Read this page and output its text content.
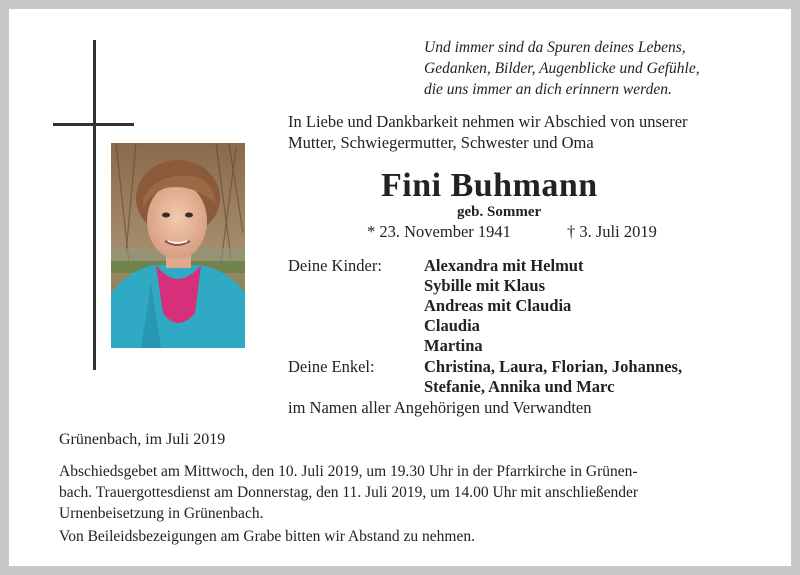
Und immer sind da Spuren deines Lebens,
Gedanken, Bilder, Augenblicke und Gefühle,
die uns immer an dich erinnern werden.
In Liebe und Dankbarkeit nehmen wir Abschied von unserer
Mutter, Schwiegermutter, Schwester und Oma
Fini Buhmann
geb. Sommer
* 23. November 1941	† 3. Juli 2019
Deine Kinder:	Alexandra mit Helmut
Sybille mit Klaus
Andreas mit Claudia
Claudia
Martina
Deine Enkel:	Christina, Laura, Florian, Johannes,
Stefanie, Annika und Marc
im Namen aller Angehörigen und Verwandten
Grünenbach, im Juli 2019
Abschiedsgebet am Mittwoch, den 10. Juli 2019, um 19.30 Uhr in der Pfarrkirche in Grünen-
bach. Trauergottesdienst am Donnerstag, den 11. Juli 2019, um 14.00 Uhr mit anschließender
Urnenbeisetzung in Grünenbach.
Von Beileidsbezeigungen am Grabe bitten wir Abstand zu nehmen.
